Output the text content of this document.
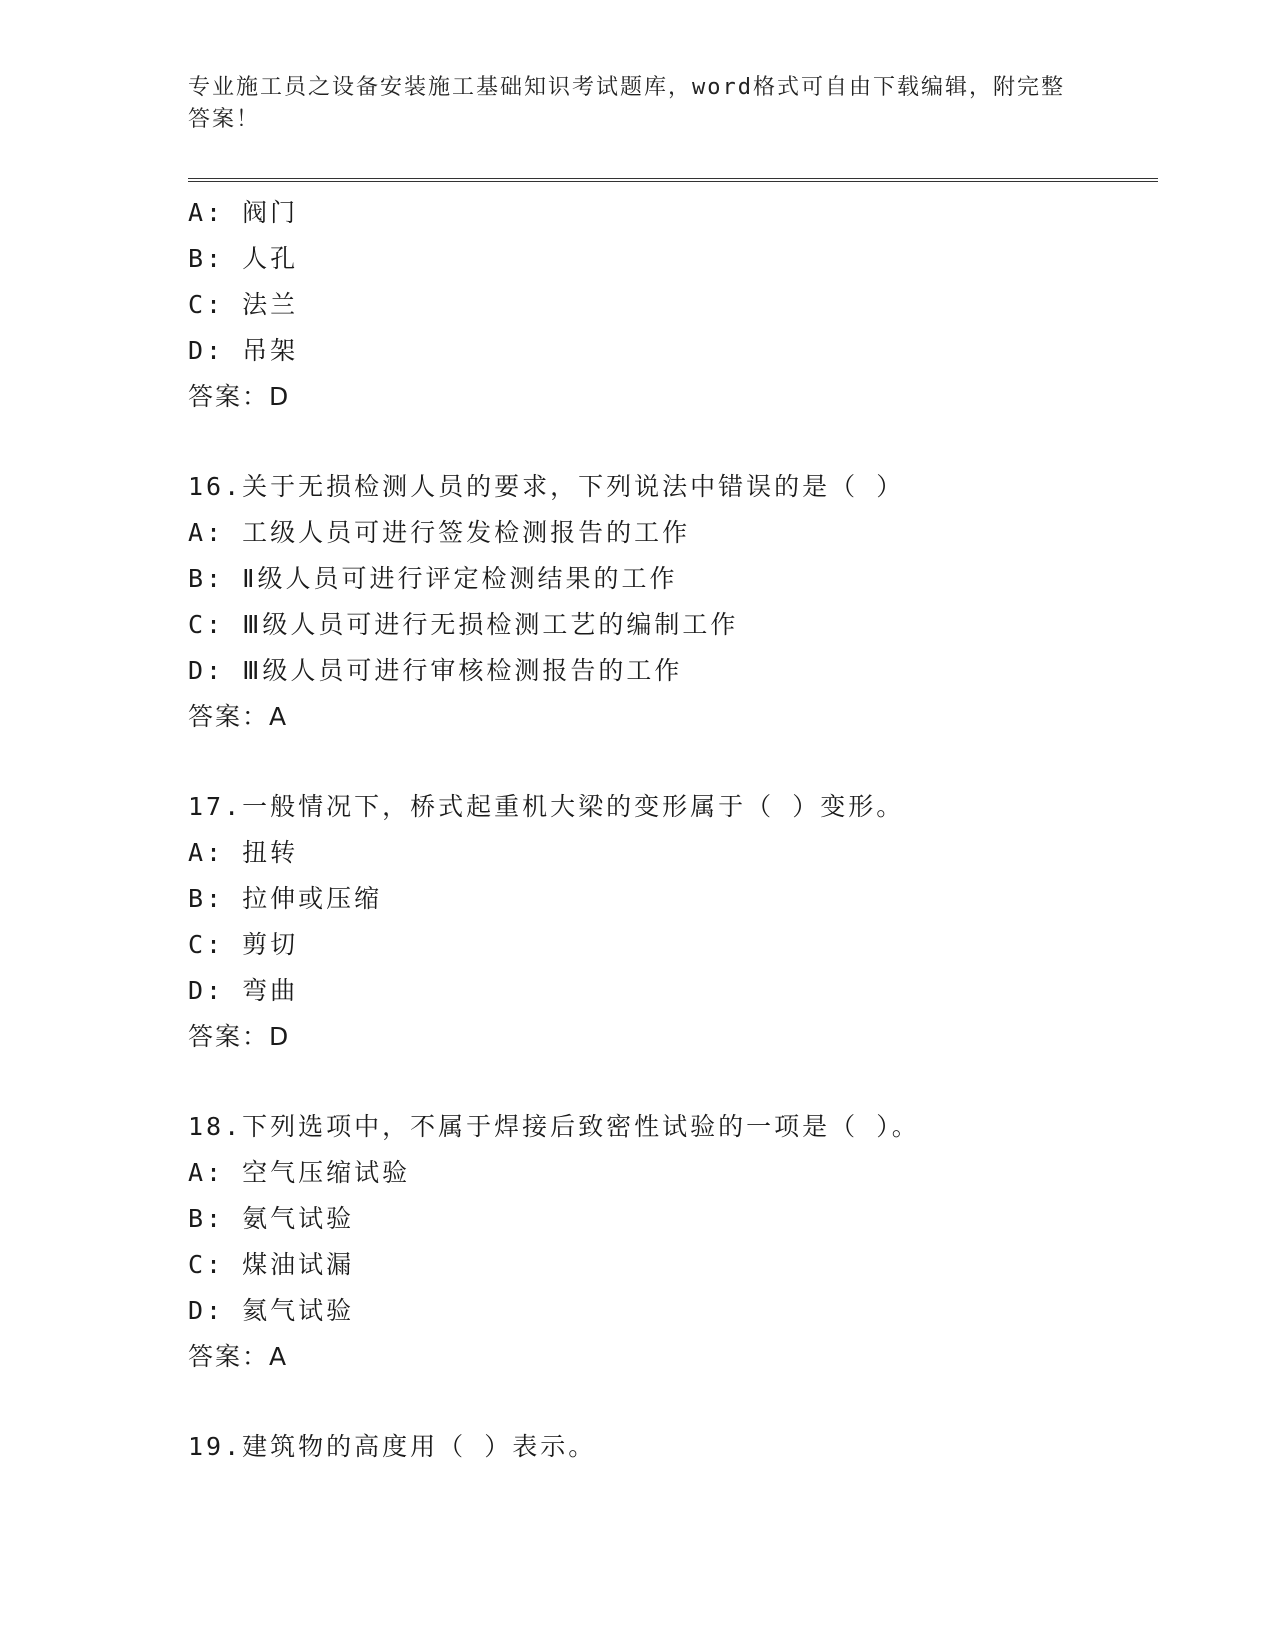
专业施工员之设备安装施工基础知识考试题库，word格式可自由下载编辑，附完整答案！
A: 阀门
B: 人孔
C: 法兰
D: 吊架
答案：D
16.关于无损检测人员的要求，下列说法中错误的是（ ）
A: 工级人员可进行签发检测报告的工作
B: Ⅱ级人员可进行评定检测结果的工作
C: Ⅲ级人员可进行无损检测工艺的编制工作
D: Ⅲ级人员可进行审核检测报告的工作
答案：A
17.一般情况下，桥式起重机大梁的变形属于（ ）变形。
A: 扭转
B: 拉伸或压缩
C: 剪切
D: 弯曲
答案：D
18.下列选项中，不属于焊接后致密性试验的一项是（ ）。
A: 空气压缩试验
B: 氨气试验
C: 煤油试漏
D: 氦气试验
答案：A
19.建筑物的高度用（ ）表示。
